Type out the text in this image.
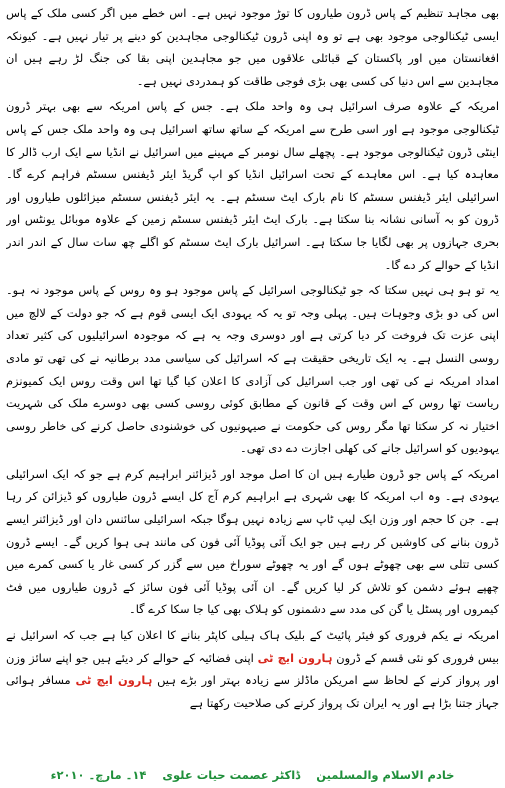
بھی مجاہد تنظیم کے پاس ڈرون طیاروں کا توڑ موجود نہیں ہے۔ اس خطے میں اگر کسی ملک کے پاس ایسی ٹیکنالوجی موجود بھی ہے تو وہ اپنی ڈرون ٹیکنالوجی مجاہدین کو دینے پر تیار نہیں ہے۔ کیونکہ افغانستان میں اور پاکستان کے قبائلی علاقوں میں جو مجاہدین اپنی بقا کی جنگ لڑ رہے ہیں ان مجاہدین سے اس دنیا کی کسی بھی بڑی فوجی طاقت کو ہمدردی نہیں ہے۔

امریکہ کے علاوہ صرف اسرائیل ہی وہ واحد ملک ہے۔ جس کے پاس امریکہ سے بھی بہتر ڈرون ٹیکنالوجی موجود ہے اور اسی طرح سے امریکہ کے ساتھ ساتھ اسرائیل ہی وہ واحد ملک جس کے پاس اینٹی ڈرون ٹیکنالوجی موجود ہے۔ پچھلے سال نومبر کے مہینے میں اسرائیل نے انڈیا سے ایک ارب ڈالر کا معاہدہ کیا ہے۔ اس معاہدے کے تحت اسرائیل انڈیا کو اپ گریڈ ایئر ڈیفنس سسٹم فراہم کرے گا۔ اسرائیلی ایئر ڈیفنس سسٹم کا نام بارک ایٹ سسٹم ہے۔ یہ ایئر ڈیفنس سسٹم میزائلوں طیاروں اور ڈرون کو بہ آسانی نشانہ بنا سکتا ہے۔ بارک ایٹ ایئر ڈیفنس سسٹم زمین کے علاوہ موبائل یونٹس اور بحری جہازوں پر بھی لگایا جا سکتا ہے۔ اسرائیل بارک ایٹ سسٹم کو اگلے چھ سات سال کے اندر اندر انڈیا کے حوالے کر دے گا۔

یہ تو ہو ہی نہیں سکتا کہ جو ٹیکنالوجی اسرائیل کے پاس موجود ہو وہ روس کے پاس موجود نہ ہو۔ اس کی دو بڑی وجوہات ہیں۔ پہلی وجہ تو یہ کہ یہودی ایک ایسی قوم ہے کہ جو دولت کے لالچ میں اپنی عزت تک فروخت کر دیا کرتی ہے اور دوسری وجہ یہ ہے کہ موجودہ اسرائیلیوں کی کثیر تعداد روسی النسل ہے۔ یہ ایک تاریخی حقیقت ہے کہ اسرائیل کی سیاسی مدد برطانیہ نے کی تھی تو مادی امداد امریکہ نے کی تھی اور جب اسرائیل کی آزادی کا اعلان کیا گیا تھا اس وقت روس ایک کمیونزم ریاست تھا روس کے اس وقت کے قانون کے مطابق کوئی روسی کسی بھی دوسرے ملک کی شہریت اختیار نہ کر سکتا تھا مگر روس کی حکومت نے صیہونیوں کی خوشنودی حاصل کرنے کی خاطر روسی یہودیوں کو اسرائیل جانے کی کھلی اجازت دے دی تھی۔

امریکہ کے پاس جو ڈرون طیارے ہیں ان کا اصل موجد اور ڈیزائنر ابراہیم کرم ہے جو کہ ایک اسرائیلی یہودی ہے۔ وہ اب امریکہ کا بھی شہری ہے ابراہیم کرم آج کل ایسے ڈرون طیاروں کو ڈیزائن کر رہا ہے۔ جن کا حجم اور وزن ایک لیپ ٹاپ سے زیادہ نہیں ہوگا جبکہ اسرائیلی سائنس دان اور ڈیزائنر ایسے ڈرون بنانے کی کاوشیں کر رہے ہیں جو ایک آئی پوڈیا آئی فون کی مانند ہی ہوا کریں گے۔ ایسے ڈرون کسی تتلی سے بھی چھوٹے ہوں گے اور یہ چھوٹے سوراخ میں سے گزر کر کسی غار یا کسی کمرے میں چھپے ہوئے دشمن کو تلاش کر لیا کریں گے۔ ان آئی پوڈیا آئی فون سائز کے ڈرون طیاروں میں فٹ کیمروں اور پسٹل یا گن کی مدد سے دشمنوں کو ہلاک بھی کیا جا سکا کرے گا۔

امریکہ نے یکم فروری کو فیئر پائیٹ کے بلیک ہاک ہیلی کاپٹر بنانے کا اعلان کیا ہے جب کہ اسرائیل نے بیس فروری کو نئی قسم کے ڈرون ہارون ایچ ٹی اپنی فضائیہ کے حوالے کر دیئے ہیں جو اپنے سائز وزن اور پرواز کرنے کے لحاظ سے امریکن ماڈلز سے زیادہ بہتر اور بڑے ہیں ہارون ایچ ٹی مسافر ہوائی جہاز جتنا بڑا ہے اور یہ ایران تک پرواز کرنے کی صلاحیت رکھتا ہے

خادم الاسلام والمسلمین
ڈاکٹر عصمت حیات علوی
۱۴۔ مارچ۔ ۲۰۱۰ء
